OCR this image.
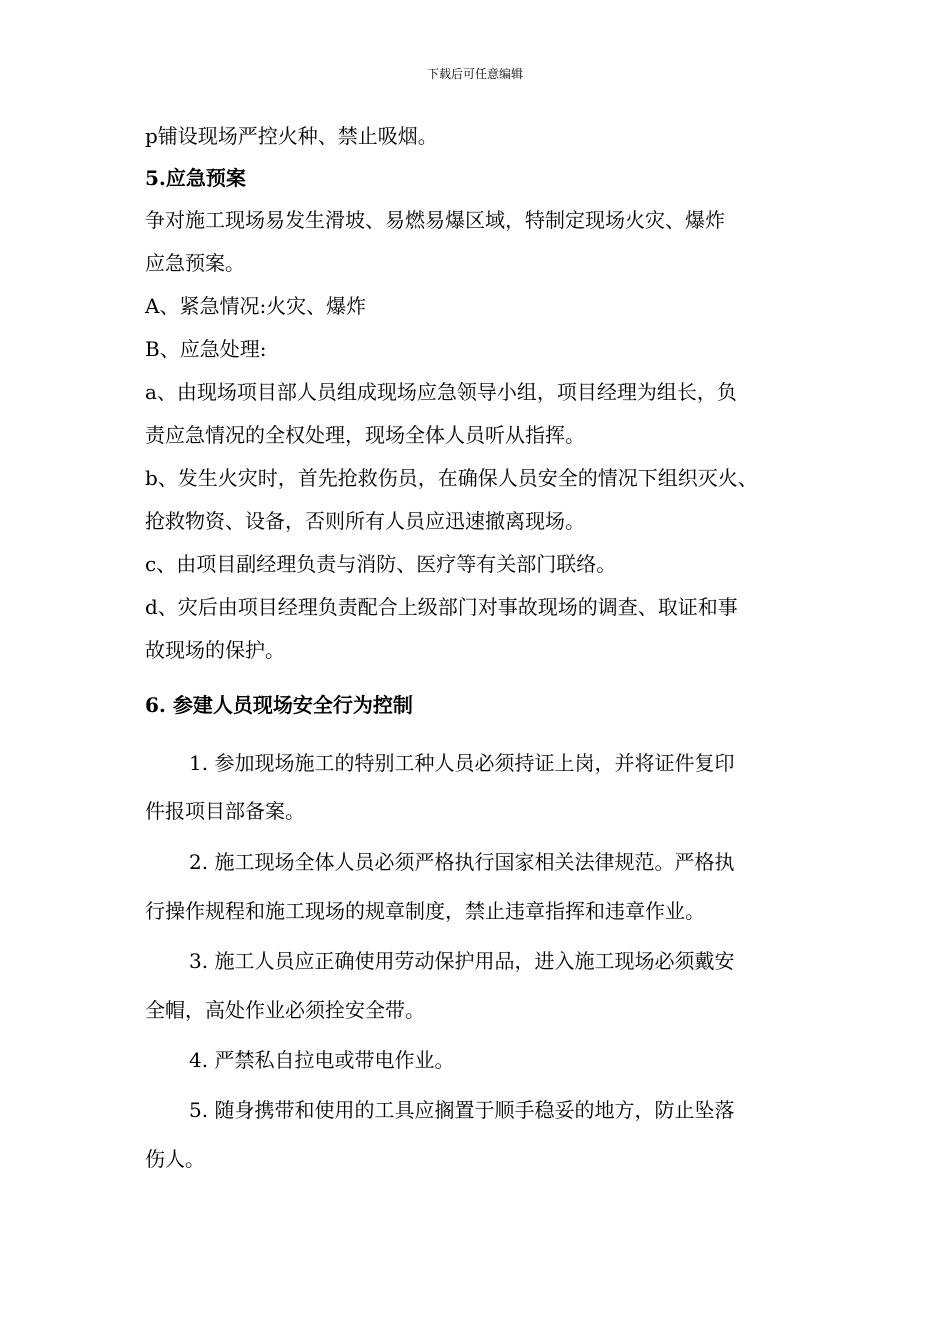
下载后可任意编辑
p铺设现场严控火种、禁止吸烟。
5.应急预案
争对施工现场易发生滑坡、易燃易爆区域，特制定现场火灾、爆炸
应急预案。
A、紧急情况:火灾、爆炸
B、应急处理:
a、由现场项目部人员组成现场应急领导小组，项目经理为组长，负
责应急情况的全权处理，现场全体人员听从指挥。
b、发生火灾时，首先抢救伤员，在确保人员安全的情况下组织灭火、
抢救物资、设备，否则所有人员应迅速撤离现场。
c、由项目副经理负责与消防、医疗等有关部门联络。
d、灾后由项目经理负责配合上级部门对事故现场的调查、取证和事
故现场的保护。
6. 参建人员现场安全行为控制
1. 参加现场施工的特别工种人员必须持证上岗，并将证件复印
件报项目部备案。
2. 施工现场全体人员必须严格执行国家相关法律规范。严格执
行操作规程和施工现场的规章制度，禁止违章指挥和违章作业。
3. 施工人员应正确使用劳动保护用品，进入施工现场必须戴安
全帽，高处作业必须拴安全带。
4. 严禁私自拉电或带电作业。
5. 随身携带和使用的工具应搁置于顺手稳妥的地方，防止坠落
伤人。
